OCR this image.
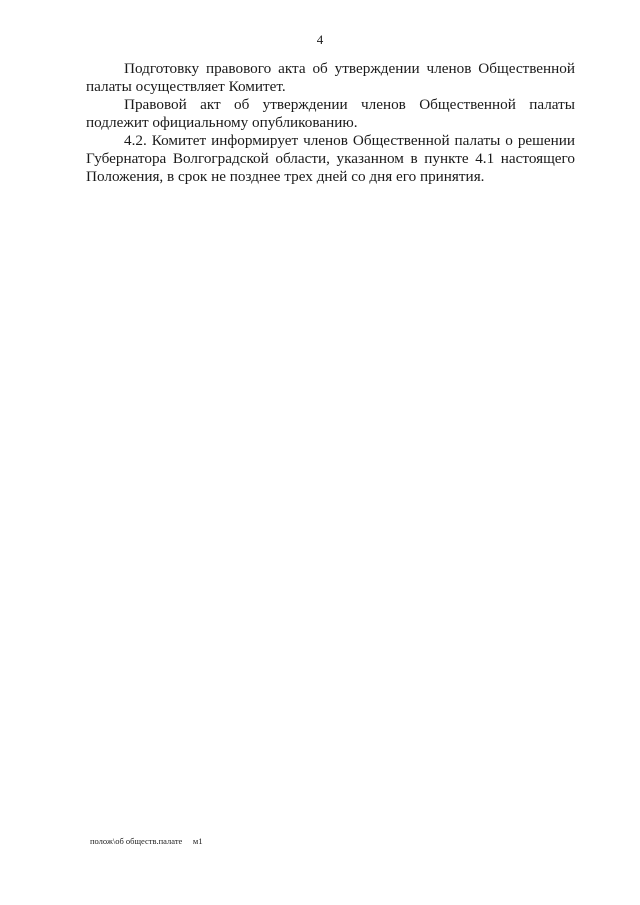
4

Подготовку правового акта об утверждении членов Общественной палаты осуществляет Комитет.

Правовой акт об утверждении членов Общественной палаты подлежит официальному опубликованию.

4.2. Комитет информирует членов Общественной палаты о решении Губернатора Волгоградской области, указанном в пункте 4.1 настоящего Положения, в срок не позднее трех дней со дня его принятия.

полож\об обществ.палате     м1
